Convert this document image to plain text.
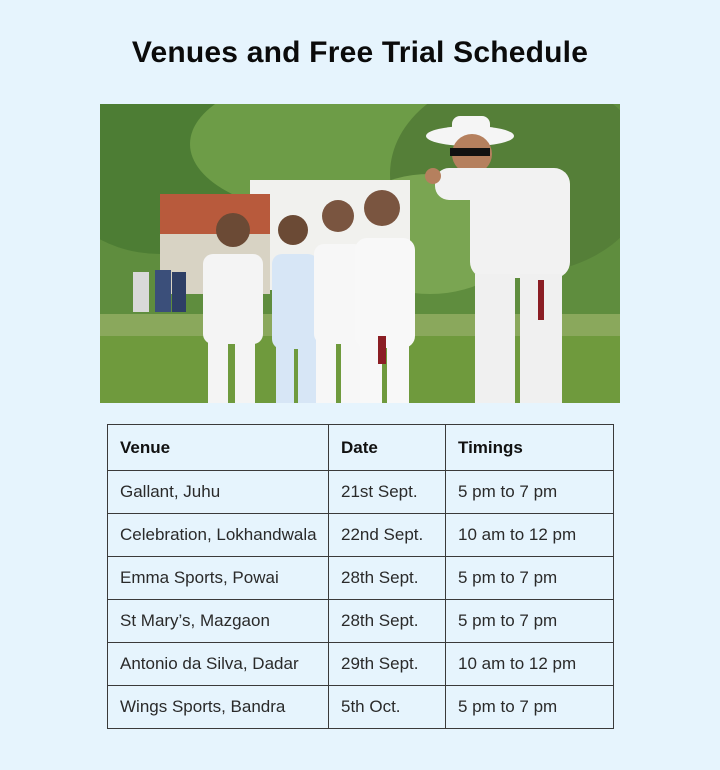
Venues and Free Trial Schedule
Venue	Date	Timings
Gallant, Juhu	21st Sept.	5 pm to 7 pm
Celebration, Lokhandwala	22nd Sept.	10 am to 12 pm
Emma Sports, Powai	28th Sept.	5 pm to 7 pm
St Mary’s, Mazgaon	28th Sept.	5 pm to 7 pm
Antonio da Silva, Dadar	29th Sept.	10 am to 12 pm
Wings Sports, Bandra	5th Oct.	5 pm to 7 pm
